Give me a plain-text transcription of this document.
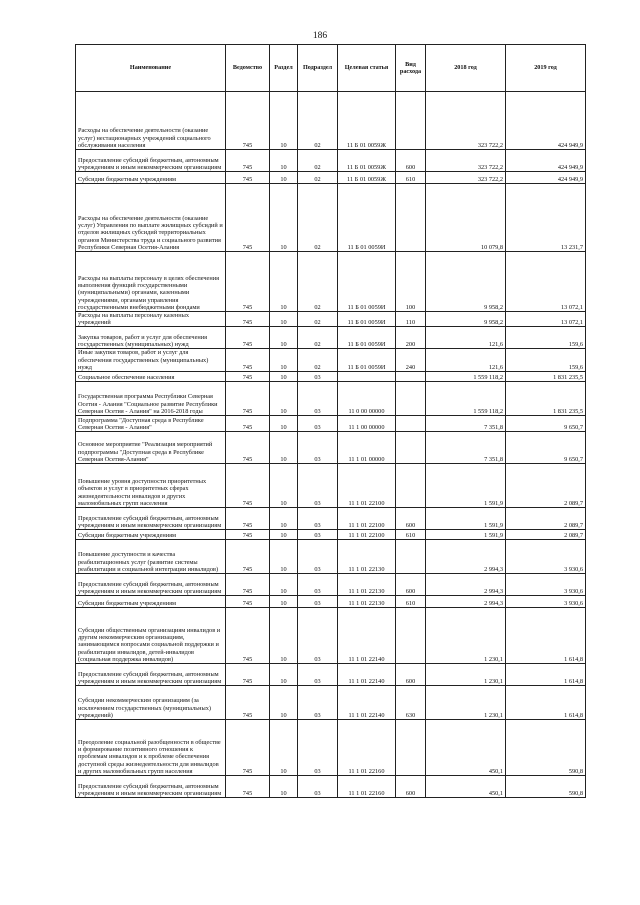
186
Наименование	Ведомство	Раздел	Подраздел	Целевая статья	Вид расхода	2018 год	2019 год
Расходы на обеспечение деятельности (оказание услуг) нестационарных учреждений социального обслуживания населения	745	10	02	11 Б 01 0059Ж		323 722,2	424 949,9
Предоставление субсидий бюджетным, автономным учреждениям и иным некоммерческим организациям	745	10	02	11 Б 01 0059Ж	600	323 722,2	424 949,9
Субсидии бюджетным учреждениям	745	10	02	11 Б 01 0059Ж	610	323 722,2	424 949,9
Расходы на обеспечение деятельности (оказание услуг) Управления по выплате жилищных субсидий и отделов жилищных субсидий территориальных органов Министерства труда и социального развития Республики Северная Осетия-Алания	745	10	02	11 Б 01 0059И		10 079,8	13 231,7
Расходы на выплаты персоналу в целях обеспечения выполнения функций государственными (муниципальными) органами, казенными учреждениями, органами управления государственными внебюджетными фондами	745	10	02	11 Б 01 0059И	100	9 958,2	13 072,1
Расходы на выплаты персоналу казенных учреждений	745	10	02	11 Б 01 0059И	110	9 958,2	13 072,1
Закупка товаров, работ и услуг для обеспечения государственных (муниципальных) нужд	745	10	02	11 Б 01 0059И	200	121,6	159,6
Иные закупки товаров, работ и услуг для обеспечения государственных (муниципальных) нужд	745	10	02	11 Б 01 0059И	240	121,6	159,6
Социальное обеспечение населения	745	10	03			1 559 118,2	1 831 235,5
Государственная программа Республики Северная Осетия - Алания "Социальное развитие Республики Северная Осетия - Алания" на 2016-2018 годы	745	10	03	11 0 00 00000		1 559 118,2	1 831 235,5
Подпрограмма "Доступная среда в Республике Северная Осетия - Алания"	745	10	03	11 1 00 00000		7 351,8	9 650,7
Основное мероприятие "Реализация мероприятий подпрограммы "Доступная среда в Республике Северная Осетия-Алания"	745	10	03	11 1 01 00000		7 351,8	9 650,7
Повышение уровня доступности приоритетных объектов и услуг в приоритетных сферах жизнедеятельности инвалидов и других маломобильных групп населения	745	10	03	11 1 01 22100		1 591,9	2 089,7
Предоставление субсидий бюджетным, автономным учреждениям и иным некоммерческим организациям	745	10	03	11 1 01 22100	600	1 591,9	2 089,7
Субсидии бюджетным учреждениям	745	10	03	11 1 01 22100	610	1 591,9	2 089,7
Повышение доступности и качества реабилитационных услуг (развитие системы реабилитации и социальной интеграции инвалидов)	745	10	03	11 1 01 22130		2 994,3	3 930,6
Предоставление субсидий бюджетным, автономным учреждениям и иным некоммерческим организациям	745	10	03	11 1 01 22130	600	2 994,3	3 930,6
Субсидии бюджетным учреждениям	745	10	03	11 1 01 22130	610	2 994,3	3 930,6
Субсидии общественным организациям инвалидов и другим некоммерческим организациям, занимающимся вопросами социальной поддержки и реабилитации инвалидов, детей-инвалидов (социальная поддержка инвалидов)	745	10	03	11 1 01 22140		1 230,1	1 614,8
Предоставление субсидий бюджетным, автономным учреждениям и иным некоммерческим организациям	745	10	03	11 1 01 22140	600	1 230,1	1 614,8
Субсидии некоммерческим организациям (за исключением государственных (муниципальных) учреждений)	745	10	03	11 1 01 22140	630	1 230,1	1 614,8
Преодоление социальной разобщенности в обществе и формирование позитивного отношения к проблемам инвалидов и к проблеме обеспечения доступной среды жизнедеятельности для инвалидов и других маломобильных групп населения	745	10	03	11 1 01 22160		450,1	590,8
Предоставление субсидий бюджетным, автономным учреждениям и иным некоммерческим организациям	745	10	03	11 1 01 22160	600	450,1	590,8
